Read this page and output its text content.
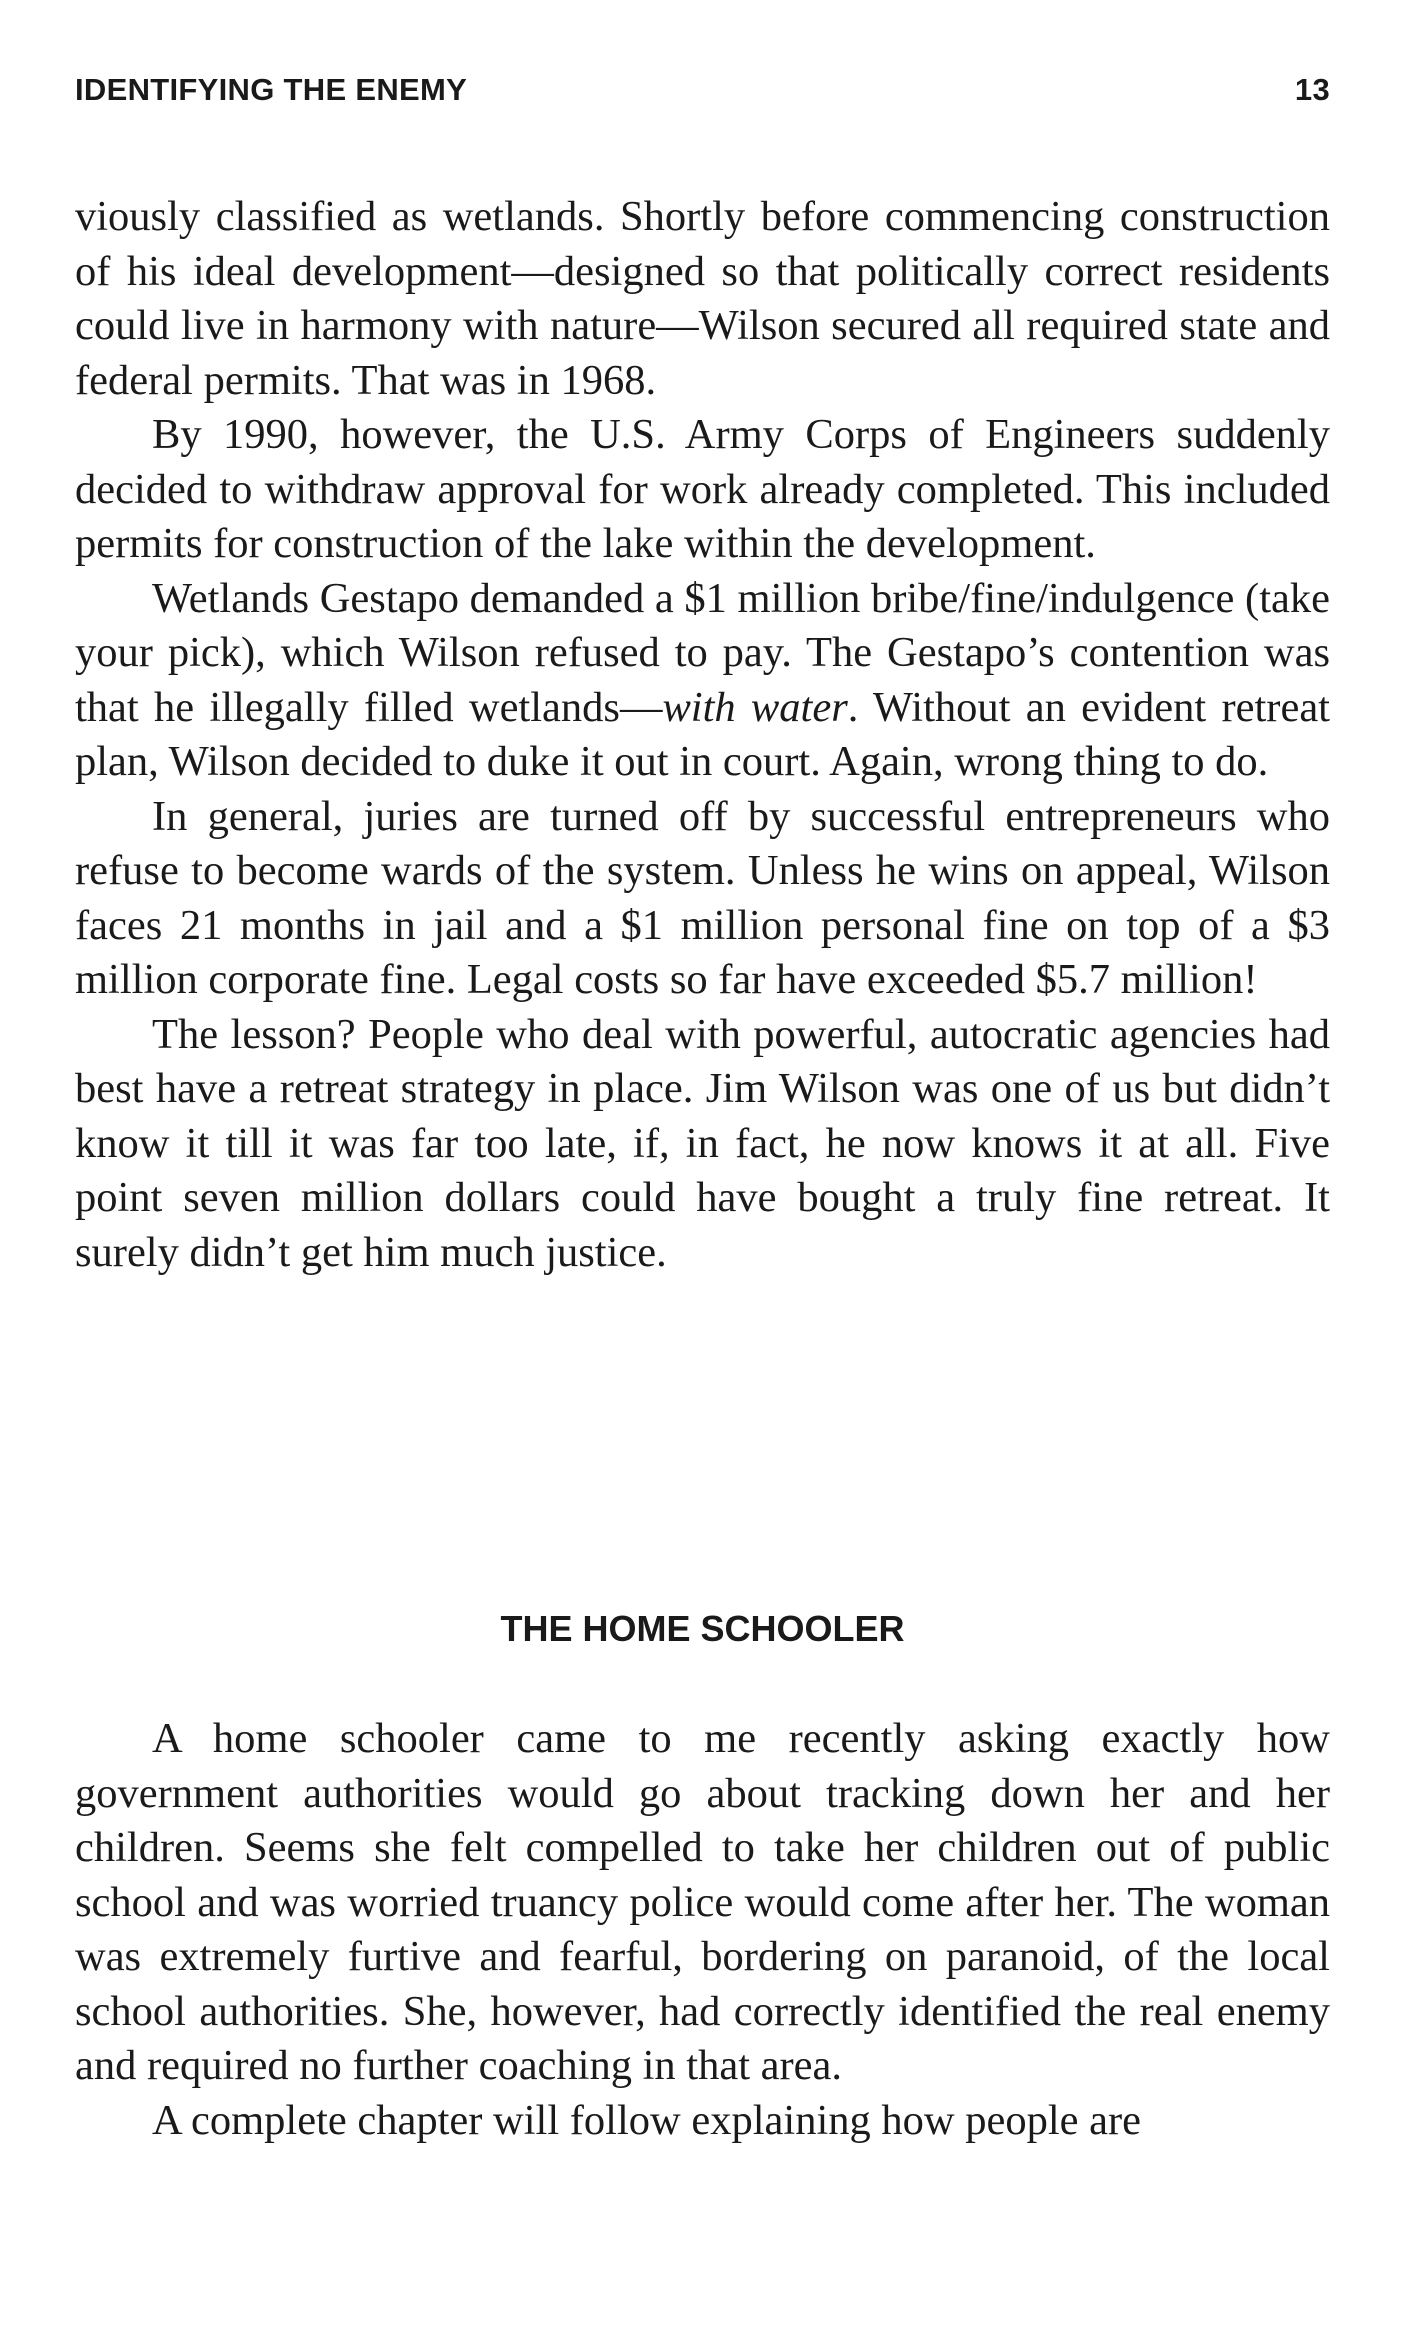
IDENTIFYING THE ENEMY	13

viously classified as wetlands. Shortly before commencing construction of his ideal development—designed so that politically correct residents could live in harmony with nature—Wilson secured all required state and federal permits. That was in 1968.

By 1990, however, the U.S. Army Corps of Engineers suddenly decided to withdraw approval for work already completed. This included permits for construction of the lake within the development.

Wetlands Gestapo demanded a $1 million bribe/fine/indulgence (take your pick), which Wilson refused to pay. The Gestapo’s contention was that he illegally filled wetlands—with water. Without an evident retreat plan, Wilson decided to duke it out in court. Again, wrong thing to do.

In general, juries are turned off by successful entrepreneurs who refuse to become wards of the system. Unless he wins on appeal, Wilson faces 21 months in jail and a $1 million personal fine on top of a $3 million corporate fine. Legal costs so far have exceeded $5.7 million!

The lesson? People who deal with powerful, autocratic agencies had best have a retreat strategy in place. Jim Wilson was one of us but didn’t know it till it was far too late, if, in fact, he now knows it at all. Five point seven million dollars could have bought a truly fine retreat. It surely didn’t get him much justice.

THE HOME SCHOOLER

A home schooler came to me recently asking exactly how government authorities would go about tracking down her and her children. Seems she felt compelled to take her children out of public school and was worried truancy police would come after her. The woman was extremely furtive and fearful, bordering on paranoid, of the local school authorities. She, however, had correctly identified the real enemy and required no further coaching in that area.

A complete chapter will follow explaining how people are
